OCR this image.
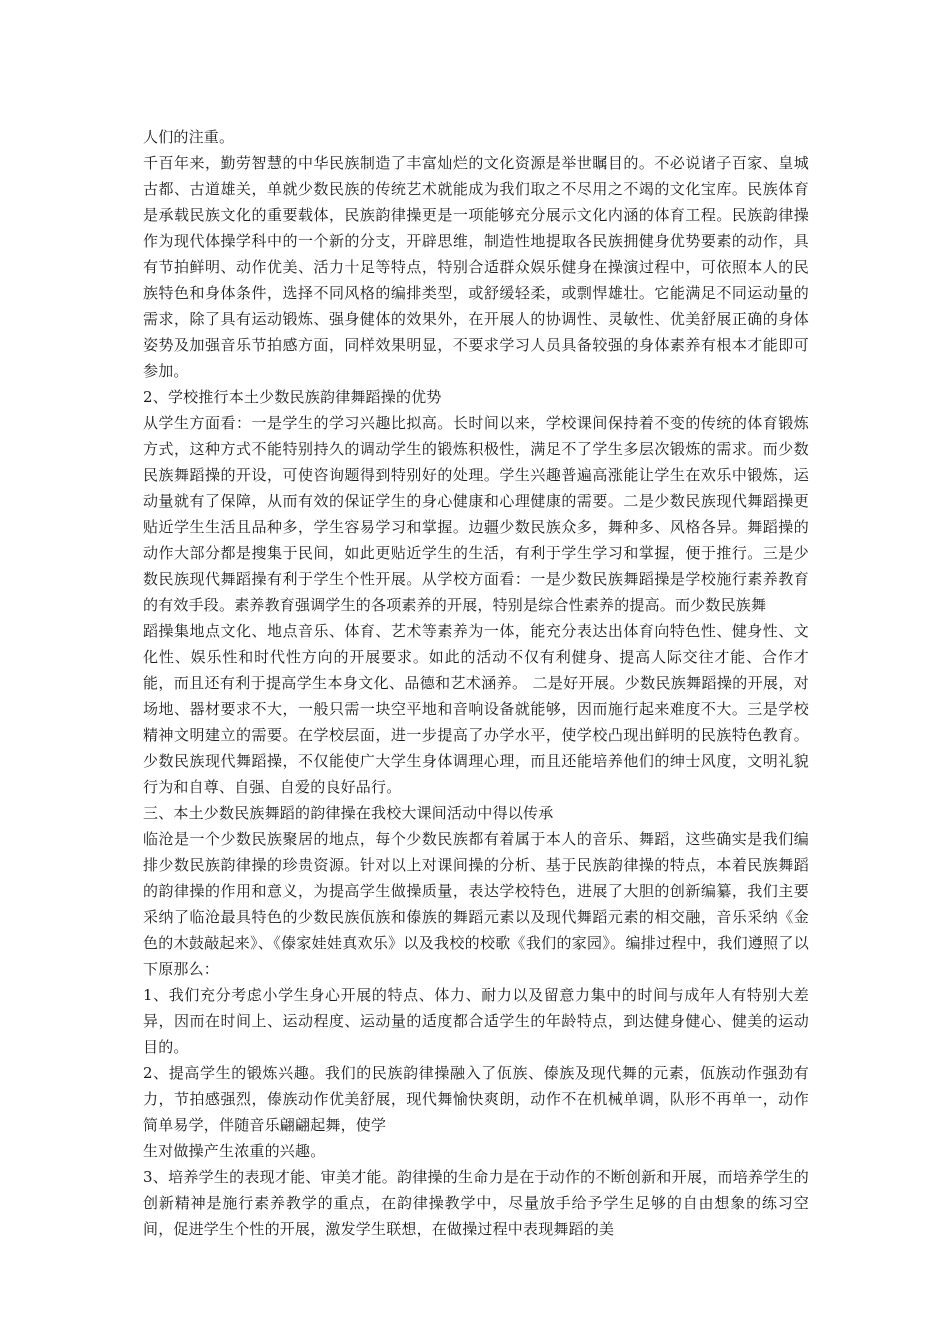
人们的注重。

千百年来，勤劳智慧的中华民族制造了丰富灿烂的文化资源是举世瞩目的。不必说诸子百家、皇城古都、古道雄关，单就少数民族的传统艺术就能成为我们取之不尽用之不竭的文化宝库。民族体育是承载民族文化的重要载体，民族韵律操更是一项能够充分展示文化内涵的体育工程。民族韵律操作为现代体操学科中的一个新的分支，开辟思维，制造性地提取各民族拥健身优势要素的动作，具有节拍鲜明、动作优美、活力十足等特点，特别合适群众娱乐健身在操演过程中，可依照本人的民族特色和身体条件，选择不同风格的编排类型，或舒缓轻柔，或剽悍雄壮。它能满足不同运动量的需求，除了具有运动锻炼、强身健体的效果外，在开展人的协调性、灵敏性、优美舒展正确的身体姿势及加强音乐节拍感方面，同样效果明显，不要求学习人员具备较强的身体素养有根本才能即可参加。

2、学校推行本土少数民族韵律舞蹈操的优势

从学生方面看：一是学生的学习兴趣比拟高。长时间以来，学校课间保持着不变的传统的体育锻炼方式，这种方式不能特别持久的调动学生的锻炼积极性，满足不了学生多层次锻炼的需求。而少数民族舞蹈操的开设，可使咨询题得到特别好的处理。学生兴趣普遍高涨能让学生在欢乐中锻炼，运动量就有了保障，从而有效的保证学生的身心健康和心理健康的需要。二是少数民族现代舞蹈操更贴近学生生活且品种多，学生容易学习和掌握。边疆少数民族众多，舞种多、风格各异。舞蹈操的动作大部分都是搜集于民间，如此更贴近学生的生活，有利于学生学习和掌握，便于推行。三是少数民族现代舞蹈操有利于学生个性开展。从学校方面看：一是少数民族舞蹈操是学校施行素养教育的有效手段。素养教育强调学生的各项素养的开展，特别是综合性素养的提高。而少数民族舞

蹈操集地点文化、地点音乐、体育、艺术等素养为一体，能充分表达出体育向特色性、健身性、文化性、娱乐性和时代性方向的开展要求。如此的活动不仅有利健身、提高人际交往才能、合作才能，而且还有利于提高学生本身文化、品德和艺术涵养。 二是好开展。少数民族舞蹈操的开展，对场地、器材要求不大，一般只需一块空平地和音响设备就能够，因而施行起来难度不大。三是学校精神文明建立的需要。在学校层面，进一步提高了办学水平，使学校凸现出鲜明的民族特色教育。少数民族现代舞蹈操，不仅能使广大学生身体调理心理，而且还能培养他们的绅士风度，文明礼貌行为和自尊、自强、自爱的良好品行。

三、本土少数民族舞蹈的韵律操在我校大课间活动中得以传承

临沧是一个少数民族聚居的地点，每个少数民族都有着属于本人的音乐、舞蹈，这些确实是我们编排少数民族韵律操的珍贵资源。针对以上对课间操的分析、基于民族韵律操的特点，本着民族舞蹈的韵律操的作用和意义，为提高学生做操质量，表达学校特色，进展了大胆的创新编纂，我们主要采纳了临沧最具特色的少数民族佤族和傣族的舞蹈元素以及现代舞蹈元素的相交融，音乐采纳《金色的木鼓敲起来》、《傣家娃娃真欢乐》以及我校的校歌《我们的家园》。编排过程中，我们遵照了以下原那么：

1、我们充分考虑小学生身心开展的特点、体力、耐力以及留意力集中的时间与成年人有特别大差异，因而在时间上、运动程度、运动量的适度都合适学生的年龄特点，到达健身健心、健美的运动目的。

2、提高学生的锻炼兴趣。我们的民族韵律操融入了佤族、傣族及现代舞的元素，佤族动作强劲有力，节拍感强烈，傣族动作优美舒展，现代舞愉快爽朗，动作不在机械单调，队形不再单一，动作简单易学，伴随音乐翩翩起舞，使学

生对做操产生浓重的兴趣。

3、培养学生的表现才能、审美才能。韵律操的生命力是在于动作的不断创新和开展，而培养学生的创新精神是施行素养教学的重点，在韵律操教学中，尽量放手给予学生足够的自由想象的练习空间，促进学生个性的开展，激发学生联想，在做操过程中表现舞蹈的美
